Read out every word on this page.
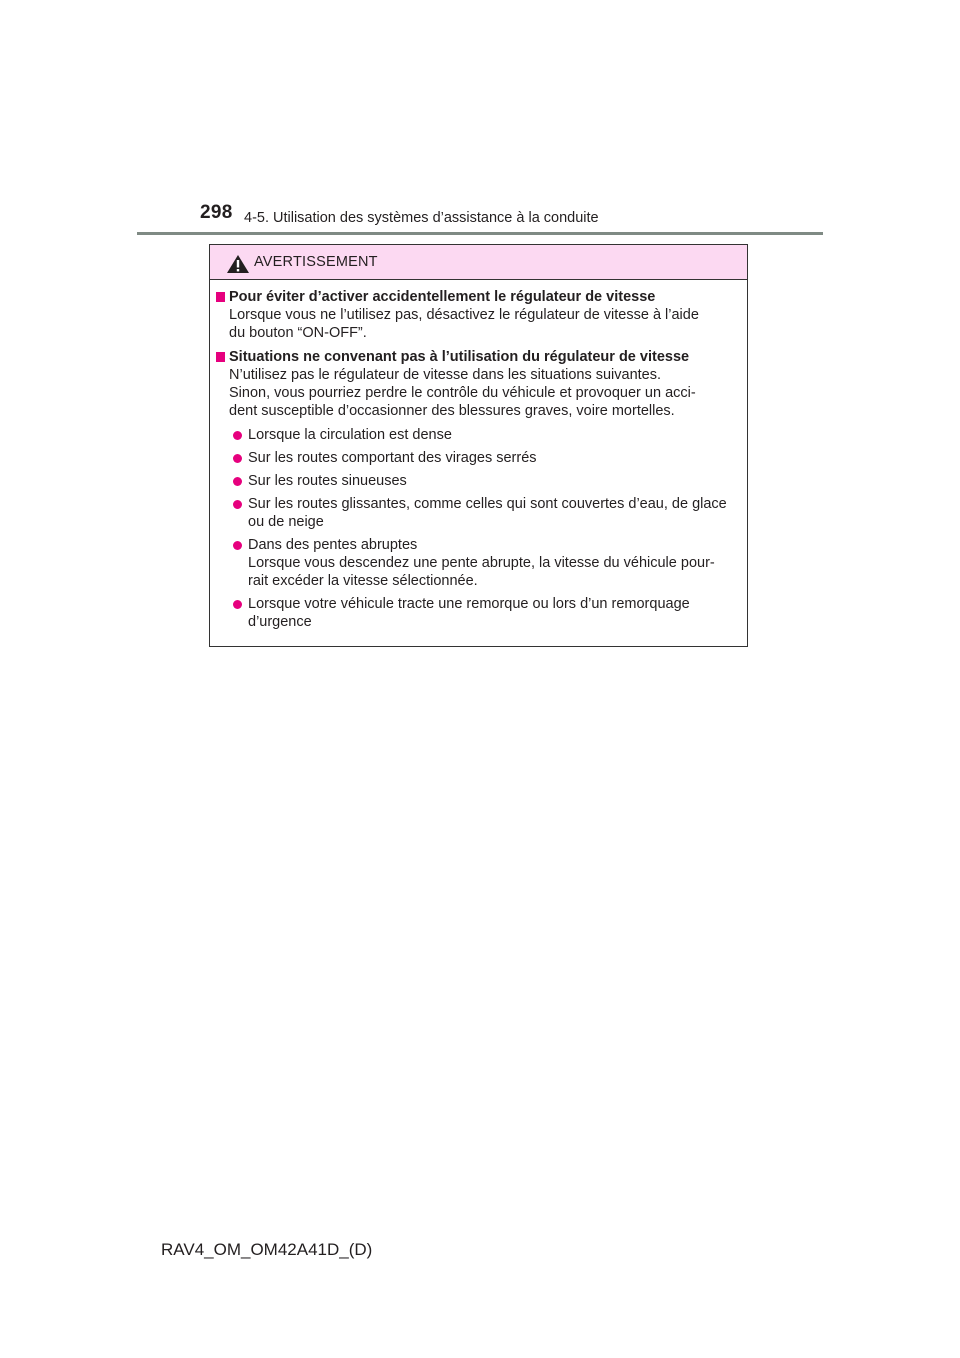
298 4-5. Utilisation des systèmes d’assistance à la conduite
AVERTISSEMENT
Pour éviter d’activer accidentellement le régulateur de vitesse
Lorsque vous ne l’utilisez pas, désactivez le régulateur de vitesse à l’aide
du bouton “ON-OFF”.
Situations ne convenant pas à l’utilisation du régulateur de vitesse
N’utilisez pas le régulateur de vitesse dans les situations suivantes.
Sinon, vous pourriez perdre le contrôle du véhicule et provoquer un acci-
dent susceptible d’occasionner des blessures graves, voire mortelles.
Lorsque la circulation est dense
Sur les routes comportant des virages serrés
Sur les routes sinueuses
Sur les routes glissantes, comme celles qui sont couvertes d’eau, de glace
ou de neige
Dans des pentes abruptes
Lorsque vous descendez une pente abrupte, la vitesse du véhicule pour-
rait excéder la vitesse sélectionnée.
Lorsque votre véhicule tracte une remorque ou lors d’un remorquage
d’urgence
RAV4_OM_OM42A41D_(D)
